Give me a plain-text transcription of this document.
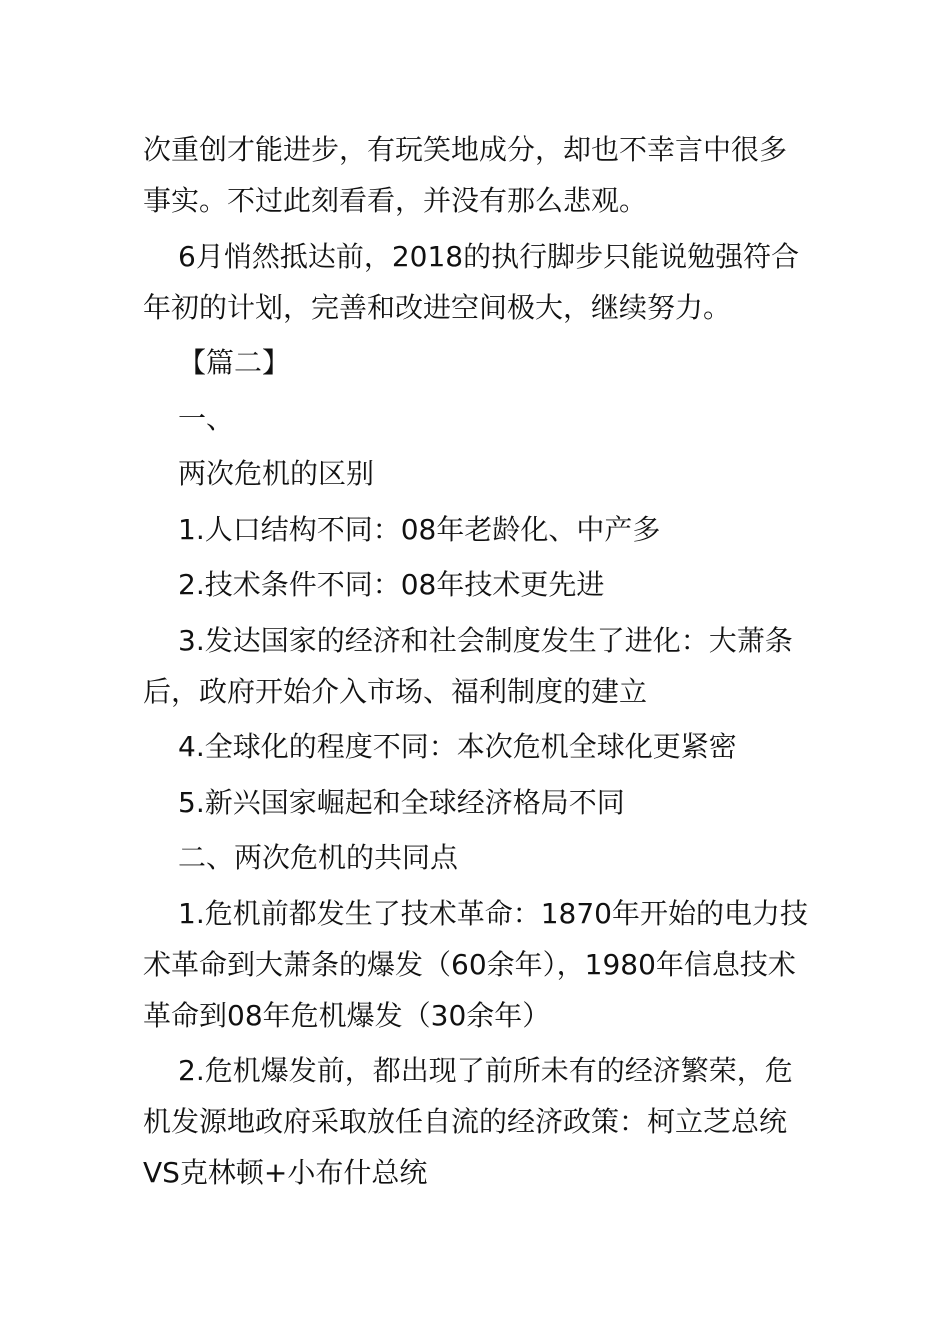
次重创才能进步，有玩笑地成分，却也不幸言中很多事实。不过此刻看看，并没有那么悲观。

6月悄然抵达前，2018的执行脚步只能说勉强符合年初的计划，完善和改进空间极大，继续努力。

【篇二】

一、

两次危机的区别

1.人口结构不同：08年老龄化、中产多

2.技术条件不同：08年技术更先进

3.发达国家的经济和社会制度发生了进化：大萧条后，政府开始介入市场、福利制度的建立

4.全球化的程度不同：本次危机全球化更紧密

5.新兴国家崛起和全球经济格局不同

二、两次危机的共同点

1.危机前都发生了技术革命：1870年开始的电力技术革命到大萧条的爆发（60余年），1980年信息技术革命到08年危机爆发（30余年）

2.危机爆发前，都出现了前所未有的经济繁荣，危机发源地政府采取放任自流的经济政策：柯立芝总统VS克林顿+小布什总统
